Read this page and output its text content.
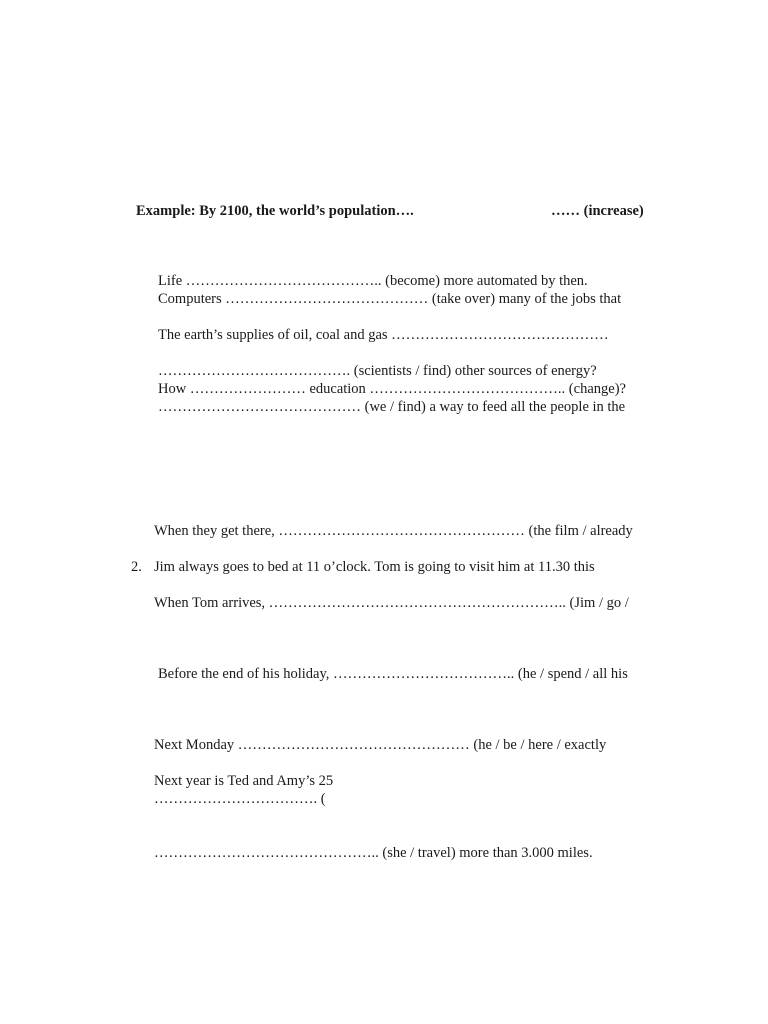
Example: By 2100, the world’s population….	…… (increase)
Life ………………………………….. (become) more automated by then.
Computers …………………………………… (take over) many of the jobs that
The earth’s supplies of oil, coal and gas ………………………………………
…………………………………. (scientists / find) other sources of energy?
How …………………… education ………………………………….. (change)?
…………………………………… (we / find) a way to feed all the people in the
When they get there, …………………………………………… (the film / already
2. Jim always goes to bed at 11 o’clock. Tom is going to visit him at 11.30 this
When Tom arrives, …………………………………………………….. (Jim / go /
Before the end of his holiday, ……………………………….. (he / spend / all his
Next Monday ………………………………………… (he / be / here / exactly
Next year is Ted and Amy’s 25
……………………………. (
……………………………………….. (she / travel) more than 3.000 miles.
